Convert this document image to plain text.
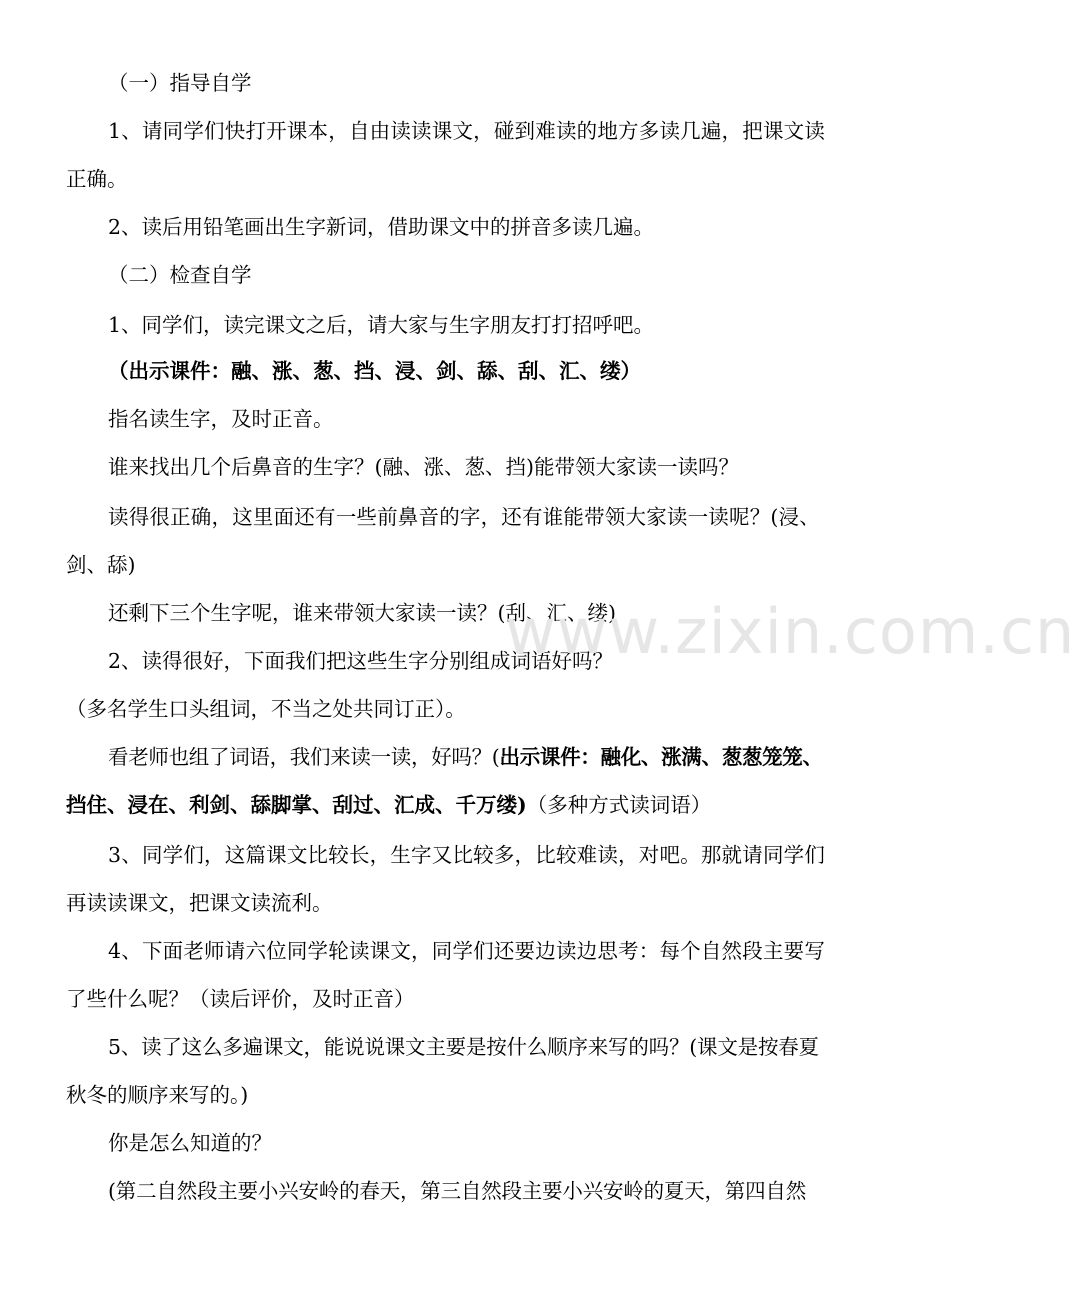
（一）指导自学
1、请同学们快打开课本，自由读读课文，碰到难读的地方多读几遍，把课文读
正确。
2、读后用铅笔画出生字新词，借助课文中的拼音多读几遍。
（二）检查自学
1、同学们，读完课文之后，请大家与生字朋友打打招呼吧。
（出示课件：融、涨、葱、挡、浸、剑、舔、刮、汇、缕）
指名读生字，及时正音。
谁来找出几个后鼻音的生字？(融、涨、葱、挡)能带领大家读一读吗？
读得很正确，这里面还有一些前鼻音的字，还有谁能带领大家读一读呢？(浸、
剑、舔)
还剩下三个生字呢，谁来带领大家读一读？(刮、汇、缕)
2、读得很好，下面我们把这些生字分别组成词语好吗？
（多名学生口头组词，不当之处共同订正）。
看老师也组了词语，我们来读一读，好吗？(出示课件：融化、涨满、葱葱笼笼、
挡住、浸在、利剑、舔脚掌、刮过、汇成、千万缕)（多种方式读词语）
3、同学们，这篇课文比较长，生字又比较多，比较难读，对吧。那就请同学们
再读读课文，把课文读流利。
4、下面老师请六位同学轮读课文，同学们还要边读边思考：每个自然段主要写
了些什么呢？（读后评价，及时正音）
5、读了这么多遍课文，能说说课文主要是按什么顺序来写的吗？(课文是按春夏
秋冬的顺序来写的。)
你是怎么知道的？
(第二自然段主要小兴安岭的春天，第三自然段主要小兴安岭的夏天，第四自然
www.zixin.com.cn
